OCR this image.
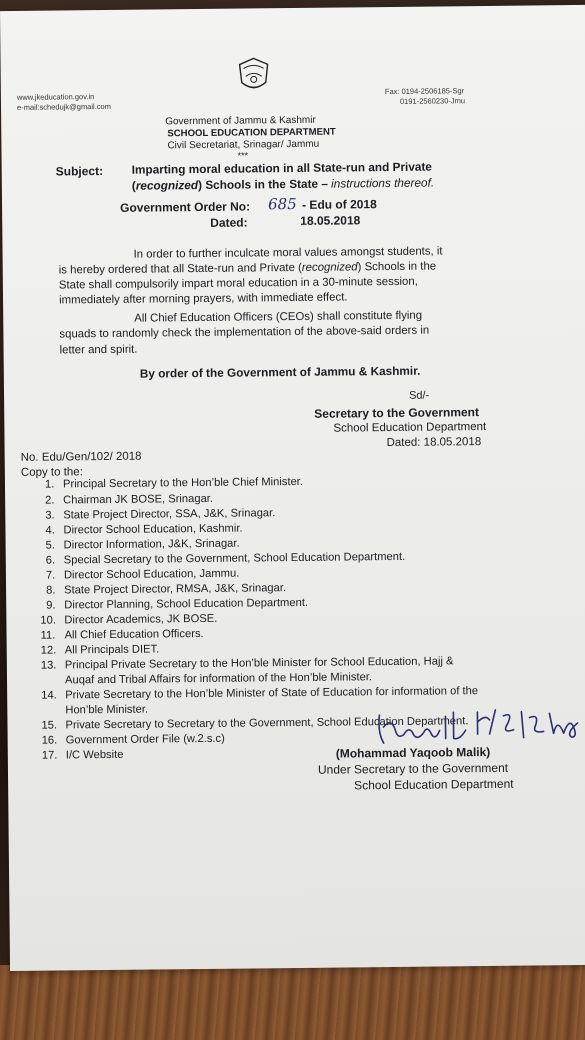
www.jkeducation.gov.in
e-mail:schedujk@gmail.com
Fax: 0194-2506185-Sgr
0191-2560230-Jmu
Government of Jammu & Kashmir
SCHOOL EDUCATION DEPARTMENT
Civil Secretariat, Srinagar/ Jammu
***
Subject: Imparting moral education in all State-run and Private
(recognized) Schools in the State – instructions thereof.
Government Order No: 685 - Edu of 2018
Dated:	18.05.2018
In order to further inculcate moral values amongst students, it
is hereby ordered that all State-run and Private (recognized) Schools in the
State shall compulsorily impart moral education in a 30-minute session,
immediately after morning prayers, with immediate effect.
All Chief Education Officers (CEOs) shall constitute flying
squads to randomly check the implementation of the above-said orders in
letter and spirit.
By order of the Government of Jammu & Kashmir.
Sd/-
Secretary to the Government
School Education Department
Dated: 18.05.2018
No. Edu/Gen/102/ 2018
Copy to the:
1. Principal Secretary to the Hon’ble Chief Minister.
2. Chairman JK BOSE, Srinagar.
3. State Project Director, SSA, J&K, Srinagar.
4. Director School Education, Kashmir.
5. Director Information, J&K, Srinagar.
6. Special Secretary to the Government, School Education Department.
7. Director School Education, Jammu.
8. State Project Director, RMSA, J&K, Srinagar.
9. Director Planning, School Education Department.
10. Director Academics, JK BOSE.
11. All Chief Education Officers.
12. All Principals DIET.
13. Principal Private Secretary to the Hon’ble Minister for School Education, Hajj &
Auqaf and Tribal Affairs for information of the Hon’ble Minister.
14. Private Secretary to the Hon’ble Minister of State of Education for information of the
Hon’ble Minister.
15. Private Secretary to Secretary to the Government, School Education Department.
16. Government Order File (w.2.s.c)
17. I/C Website	(Mohammad Yaqoob Malik)
Under Secretary to the Government
School Education Department
